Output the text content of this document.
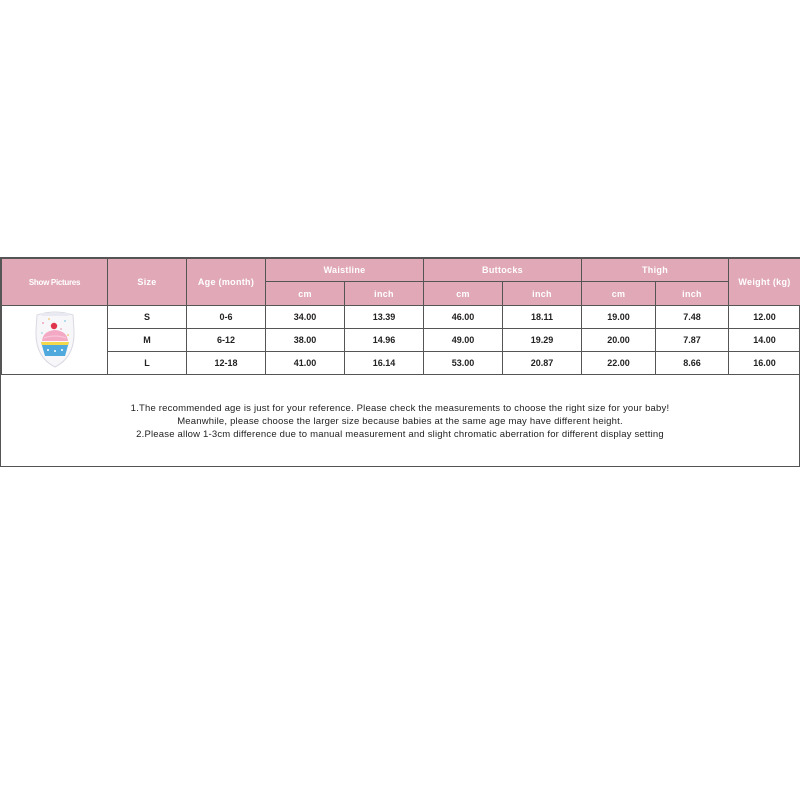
Show Pictures	Size	Age (month)	Waistline		Buttocks		Thigh		Weight (kg)
			cm	inch	cm	inch	cm	inch	

	S	0-6	34.00	13.39	46.00	18.11	19.00	7.48	12.00
	M	6-12	38.00	14.96	49.00	19.29	20.00	7.87	14.00
	L	12-18	41.00	16.14	53.00	20.87	22.00	8.66	16.00
1.The recommended age is just for your reference. Please check the measurements to choose the right size for your baby!
Meanwhile, please choose the larger size because babies at the same age may have different height.
2.Please allow 1-3cm difference due to manual measurement and slight chromatic aberration for different display setting
